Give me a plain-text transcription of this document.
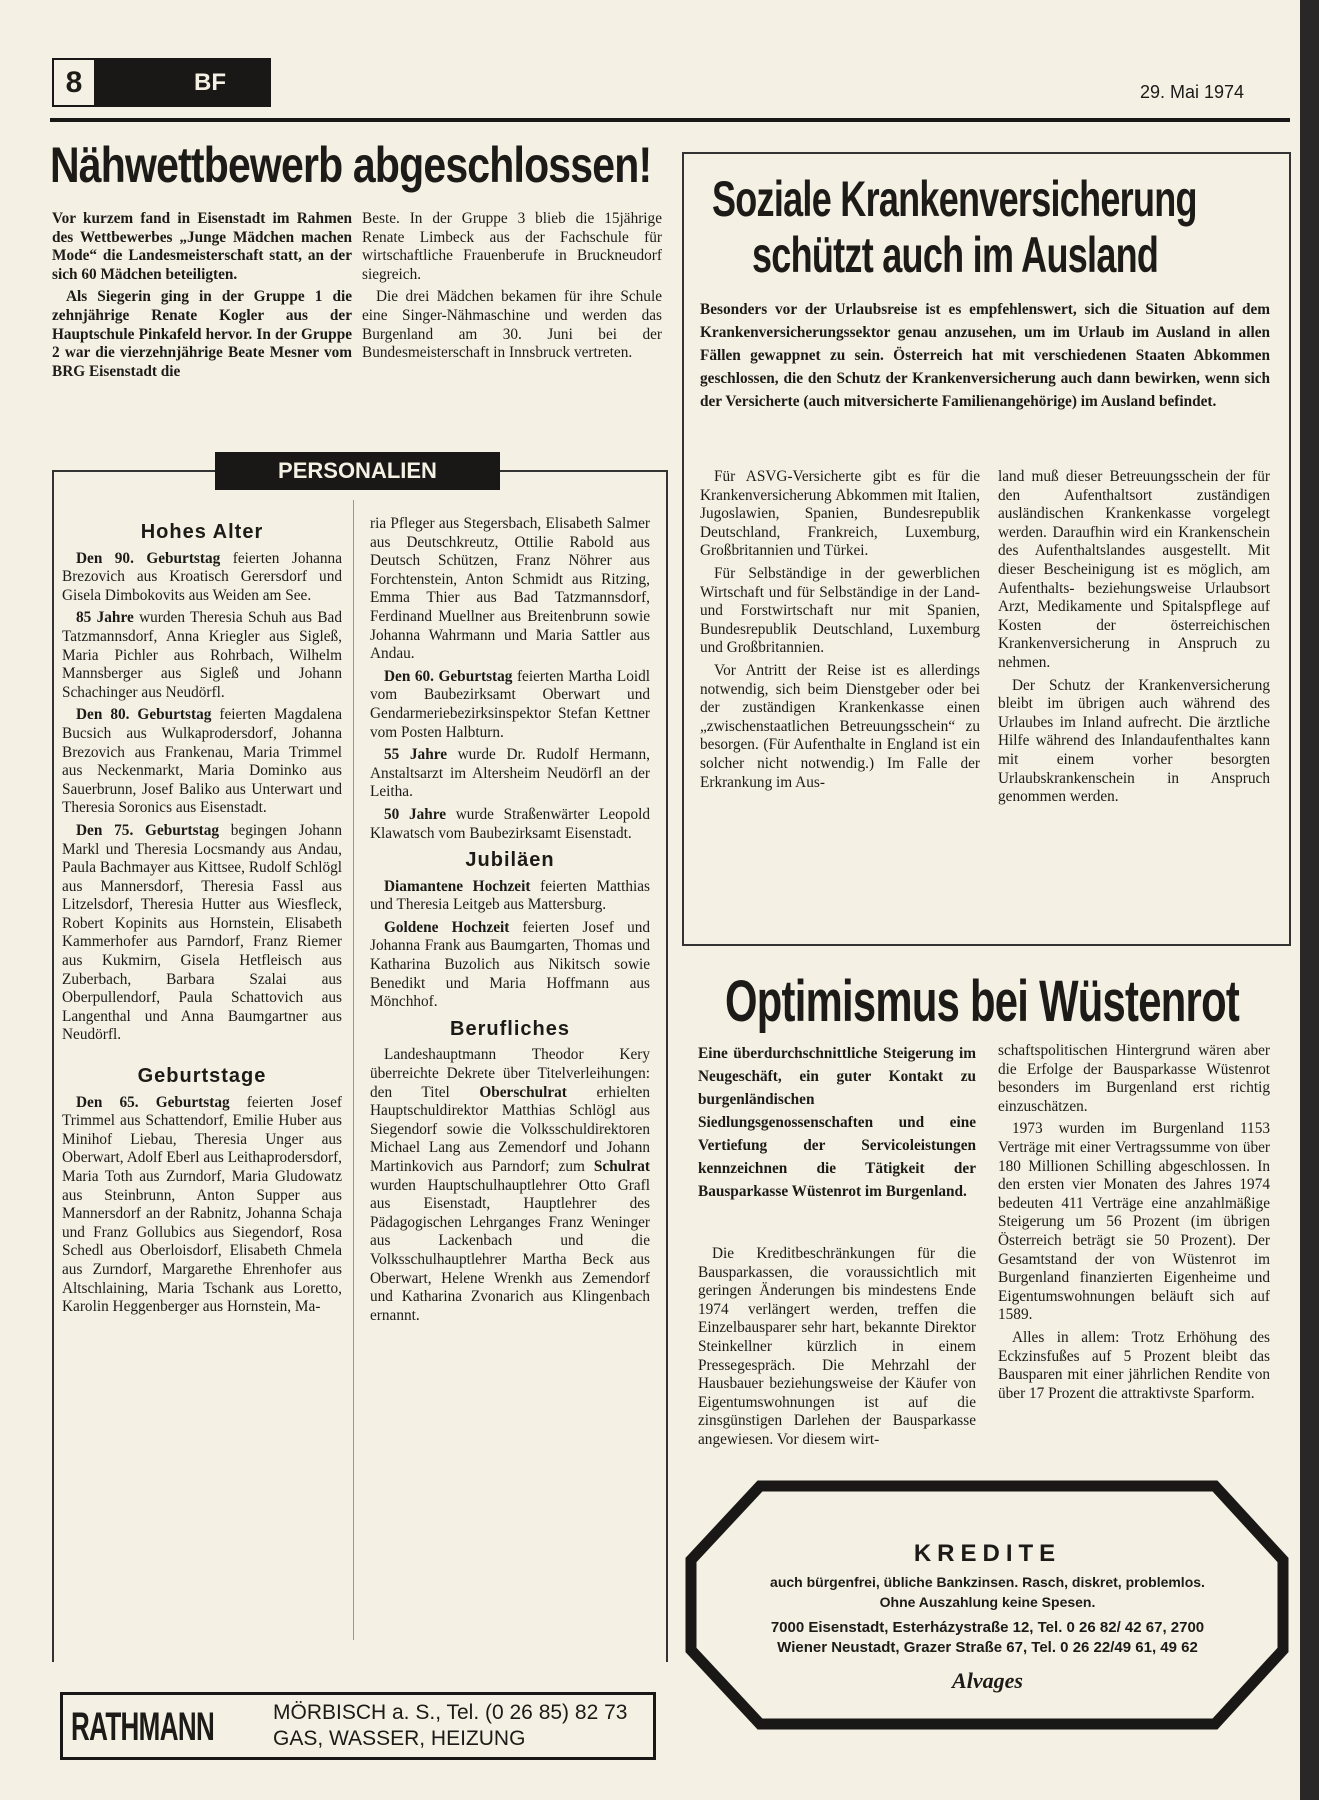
8	BF	29. Mai 1974
Nähwettbewerb abgeschlossen!

Vor kurzem fand in Eisenstadt im Rahmen des Wettbewerbes „Junge Mädchen machen Mode“ die Landesmeisterschaft statt, an der sich 60 Mädchen beteiligten.

Als Siegerin ging in der Gruppe 1 die zehnjährige Renate Kogler aus der Hauptschule Pinkafeld hervor. In der Gruppe 2 war die vierzehnjährige Beate Mesner vom BRG Eisenstadt die

Beste. In der Gruppe 3 blieb die 15jährige Renate Limbeck aus der Fachschule für wirtschaftliche Frauenberufe in Bruckneudorf siegreich.

Die drei Mädchen bekamen für ihre Schule eine Singer-Nähmaschine und werden das Burgenland am 30. Juni bei der Bundesmeisterschaft in Innsbruck vertreten.

PERSONALIEN
Hohes Alter

Den 90. Geburtstag feierten Johanna Brezovich aus Kroatisch Gerersdorf und Gisela Dimbokovits aus Weiden am See.

85 Jahre wurden Theresia Schuh aus Bad Tatzmannsdorf, Anna Kriegler aus Sigleß, Maria Pichler aus Rohrbach, Wilhelm Mannsberger aus Sigleß und Johann Schachinger aus Neudörfl.

Den 80. Geburtstag feierten Magdalena Bucsich aus Wulkaprodersdorf, Johanna Brezovich aus Frankenau, Maria Trimmel aus Neckenmarkt, Maria Dominko aus Sauerbrunn, Josef Baliko aus Unterwart und Theresia Soronics aus Eisenstadt.

Den 75. Geburtstag begingen Johann Markl und Theresia Locsmandy aus Andau, Paula Bachmayer aus Kittsee, Rudolf Schlögl aus Mannersdorf, Theresia Fassl aus Litzelsdorf, Theresia Hutter aus Wiesfleck, Robert Kopinits aus Hornstein, Elisabeth Kammerhofer aus Parndorf, Franz Riemer aus Kukmirn, Gisela Hetfleisch aus Zuberbach, Barbara Szalai aus Oberpullendorf, Paula Schattovich aus Langenthal und Anna Baumgartner aus Neudörfl.

Geburtstage

Den 65. Geburtstag feierten Josef Trimmel aus Schattendorf, Emilie Huber aus Minihof Liebau, Theresia Unger aus Oberwart, Adolf Eberl aus Leithaprodersdorf, Maria Toth aus Zurndorf, Maria Gludowatz aus Steinbrunn, Anton Supper aus Mannersdorf an der Rabnitz, Johanna Schaja und Franz Gollubics aus Siegendorf, Rosa Schedl aus Oberloisdorf, Elisabeth Chmela aus Zurndorf, Margarethe Ehrenhofer aus Altschlaining, Maria Tschank aus Loretto, Karolin Heggenberger aus Hornstein, Ma-

ria Pfleger aus Stegersbach, Elisabeth Salmer aus Deutschkreutz, Ottilie Rabold aus Deutsch Schützen, Franz Nöhrer aus Forchtenstein, Anton Schmidt aus Ritzing, Emma Thier aus Bad Tatzmannsdorf, Ferdinand Muellner aus Breitenbrunn sowie Johanna Wahrmann und Maria Sattler aus Andau.

Den 60. Geburtstag feierten Martha Loidl vom Baubezirksamt Oberwart und Gendarmeriebezirksinspektor Stefan Kettner vom Posten Halbturn.

55 Jahre wurde Dr. Rudolf Hermann, Anstaltsarzt im Altersheim Neudörfl an der Leitha.

50 Jahre wurde Straßenwärter Leopold Klawatsch vom Baubezirksamt Eisenstadt.

Jubiläen

Diamantene Hochzeit feierten Matthias und Theresia Leitgeb aus Mattersburg.

Goldene Hochzeit feierten Josef und Johanna Frank aus Baumgarten, Thomas und Katharina Buzolich aus Nikitsch sowie Benedikt und Maria Hoffmann aus Mönchhof.

Berufliches

Landeshauptmann Theodor Kery überreichte Dekrete über Titelverleihungen: den Titel Oberschulrat erhielten Hauptschuldirektor Matthias Schlögl aus Siegendorf sowie die Volksschuldirektoren Michael Lang aus Zemendorf und Johann Martinkovich aus Parndorf; zum Schulrat wurden Hauptschulhauptlehrer Otto Grafl aus Eisenstadt, Hauptlehrer des Pädagogischen Lehrganges Franz Weninger aus Lackenbach und die Volksschulhauptlehrer Martha Beck aus Oberwart, Helene Wrenkh aus Zemendorf und Katharina Zvonarich aus Klingenbach ernannt.

Soziale Krankenversicherung
schützt auch im Ausland
Besonders vor der Urlaubsreise ist es empfehlenswert, sich die Situation auf dem Krankenversicherungssektor genau anzusehen, um im Urlaub im Ausland in allen Fällen gewappnet zu sein. Österreich hat mit verschiedenen Staaten Abkommen geschlossen, die den Schutz der Krankenversicherung auch dann bewirken, wenn sich der Versicherte (auch mitversicherte Familienangehörige) im Ausland befindet.

Für ASVG-Versicherte gibt es für die Krankenversicherung Abkommen mit Italien, Jugoslawien, Spanien, Bundesrepublik Deutschland, Frankreich, Luxemburg, Großbritannien und Türkei.

Für Selbständige in der gewerblichen Wirtschaft und für Selbständige in der Land- und Forstwirtschaft nur mit Spanien, Bundesrepublik Deutschland, Luxemburg und Großbritannien.

Vor Antritt der Reise ist es allerdings notwendig, sich beim Dienstgeber oder bei der zuständigen Krankenkasse einen „zwischenstaatlichen Betreuungsschein“ zu besorgen. (Für Aufenthalte in England ist ein solcher nicht notwendig.) Im Falle der Erkrankung im Aus-

land muß dieser Betreuungsschein der für den Aufenthaltsort zuständigen ausländischen Krankenkasse vorgelegt werden. Daraufhin wird ein Krankenschein des Aufenthaltslandes ausgestellt. Mit dieser Bescheinigung ist es möglich, am Aufenthalts- beziehungsweise Urlaubsort Arzt, Medikamente und Spitalspflege auf Kosten der österreichischen Krankenversicherung in Anspruch zu nehmen.

Der Schutz der Krankenversicherung bleibt im übrigen auch während des Urlaubes im Inland aufrecht. Die ärztliche Hilfe während des Inlandaufenthaltes kann mit einem vorher besorgten Urlaubskrankenschein in Anspruch genommen werden.

Optimismus bei Wüstenrot
Eine überdurchschnittliche Steigerung im Neugeschäft, ein guter Kontakt zu burgenländischen Siedlungsgenossenschaften und eine Vertiefung der Servicoleistungen kennzeichnen die Tätigkeit der Bausparkasse Wüstenrot im Burgenland.

Die Kreditbeschränkungen für die Bausparkassen, die voraussichtlich mit geringen Änderungen bis mindestens Ende 1974 verlängert werden, treffen die Einzelbausparer sehr hart, bekannte Direktor Steinkellner kürzlich in einem Pressegespräch. Die Mehrzahl der Hausbauer beziehungsweise der Käufer von Eigentumswohnungen ist auf die zinsgünstigen Darlehen der Bausparkasse angewiesen. Vor diesem wirt-

schaftspolitischen Hintergrund wären aber die Erfolge der Bausparkasse Wüstenrot besonders im Burgenland erst richtig einzuschätzen.

1973 wurden im Burgenland 1153 Verträge mit einer Vertragssumme von über 180 Millionen Schilling abgeschlossen. In den ersten vier Monaten des Jahres 1974 bedeuten 411 Verträge eine anzahlmäßige Steigerung um 56 Prozent (im übrigen Österreich beträgt sie 50 Prozent). Der Gesamtstand der von Wüstenrot im Burgenland finanzierten Eigenheime und Eigentumswohnungen beläuft sich auf 1589.

Alles in allem: Trotz Erhöhung des Eckzinsfußes auf 5 Prozent bleibt das Bausparen mit einer jährlichen Rendite von über 17 Prozent die attraktivste Sparform.

KREDITE
auch bürgenfrei, übliche Bankzinsen. Rasch, diskret, problemlos. Ohne Auszahlung keine Spesen.
7000 Eisenstadt, Esterházystraße 12, Tel. 0 26 82/ 42 67, 2700 Wiener Neustadt, Grazer Straße 67, Tel. 0 26 22/49 61, 49 62
Alvages
RATHMANN	MÖRBISCH a. S., Tel. (0 26 85) 82 73
GAS, WASSER, HEIZUNG
